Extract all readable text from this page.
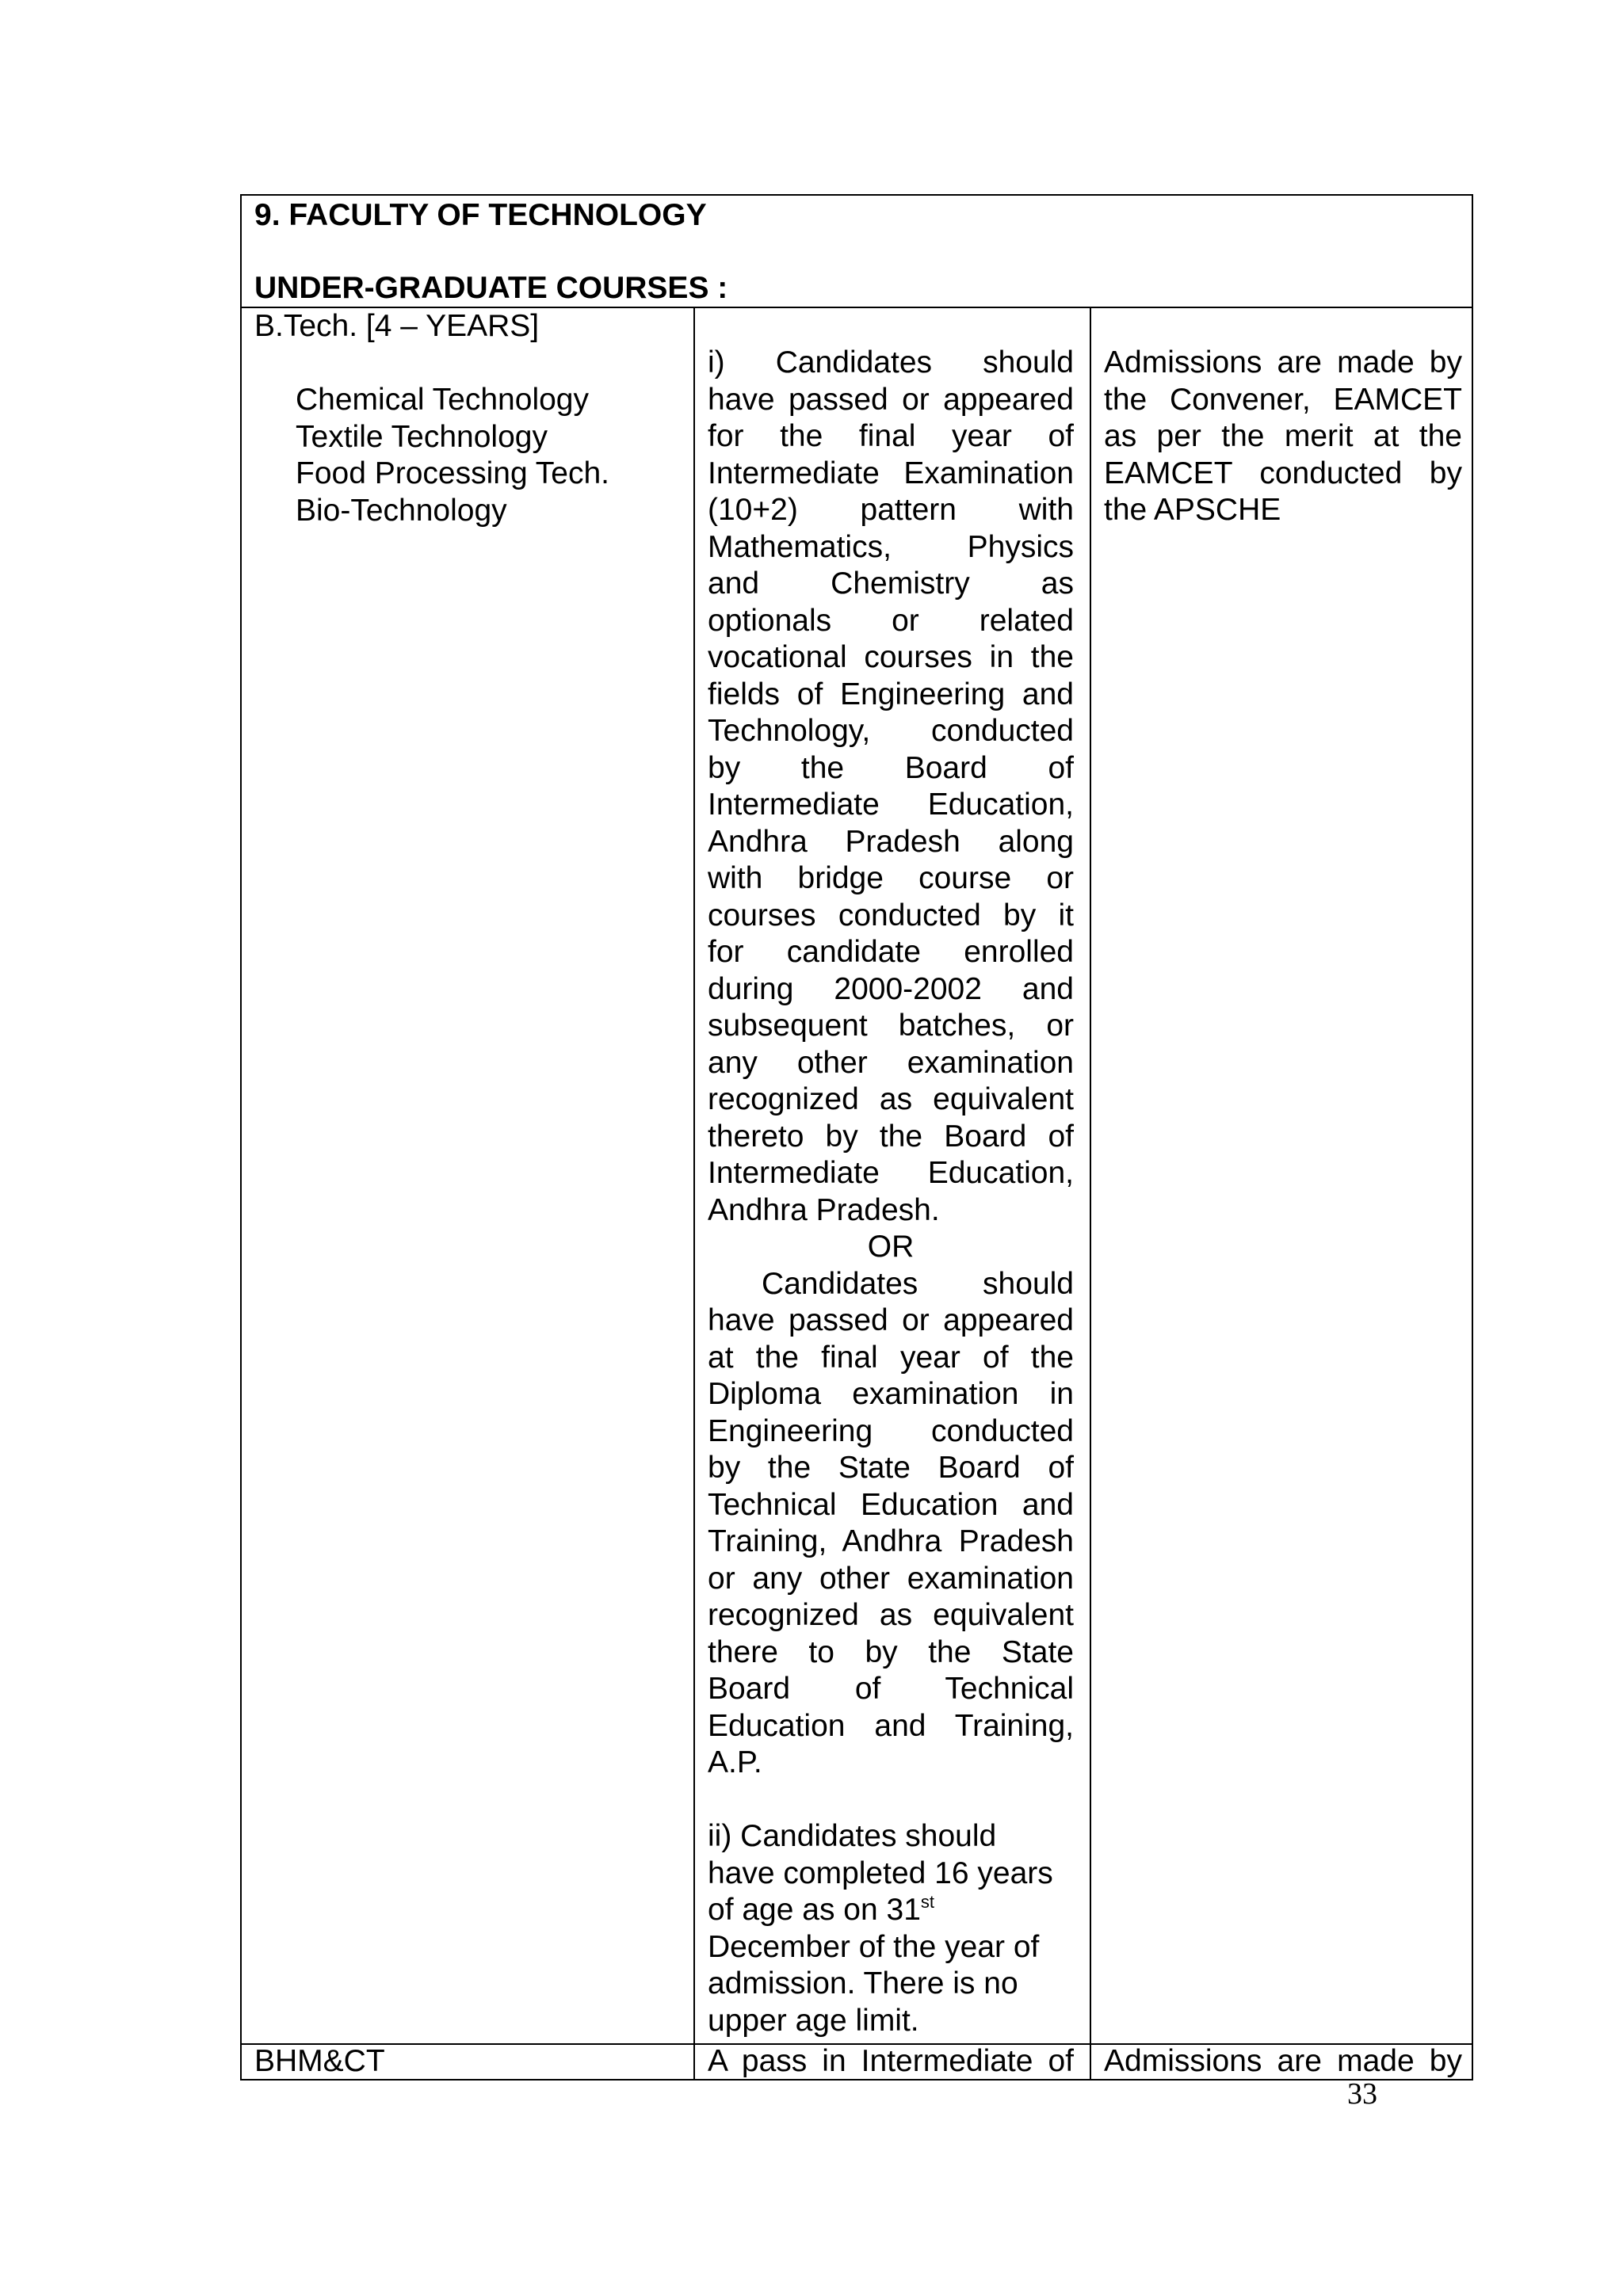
9. FACULTY OF TECHNOLOGY
UNDER-GRADUATE COURSES :
B.Tech. [4 – YEARS]
Chemical Technology
Textile Technology
Food Processing Tech.
Bio-Technology
i) Candidates should
have passed or appeared
for the final year of
Intermediate Examination
(10+2) pattern with
Mathematics, Physics
and Chemistry as
optionals or related
vocational courses in the
fields of Engineering and
Technology, conducted
by the Board of
Intermediate Education,
Andhra Pradesh along
with bridge course or
courses conducted by it
for candidate enrolled
during 2000-2002 and
subsequent batches, or
any other examination
recognized as equivalent
thereto by the Board of
Intermediate Education,
Andhra Pradesh.
OR
Candidates should
have passed or appeared
at the final year of the
Diploma examination in
Engineering conducted
by the State Board of
Technical Education and
Training, Andhra Pradesh
or any other examination
recognized as equivalent
there to by the State
Board of Technical
Education and Training,
A.P.
ii) Candidates should
have completed 16 years
of age as on 31st
December of the year of
admission. There is no
upper age limit.
Admissions are made by
the Convener, EAMCET
as per the merit at the
EAMCET conducted by
the APSCHE
BHM&CT	A pass in Intermediate of Admissions are made by
33
